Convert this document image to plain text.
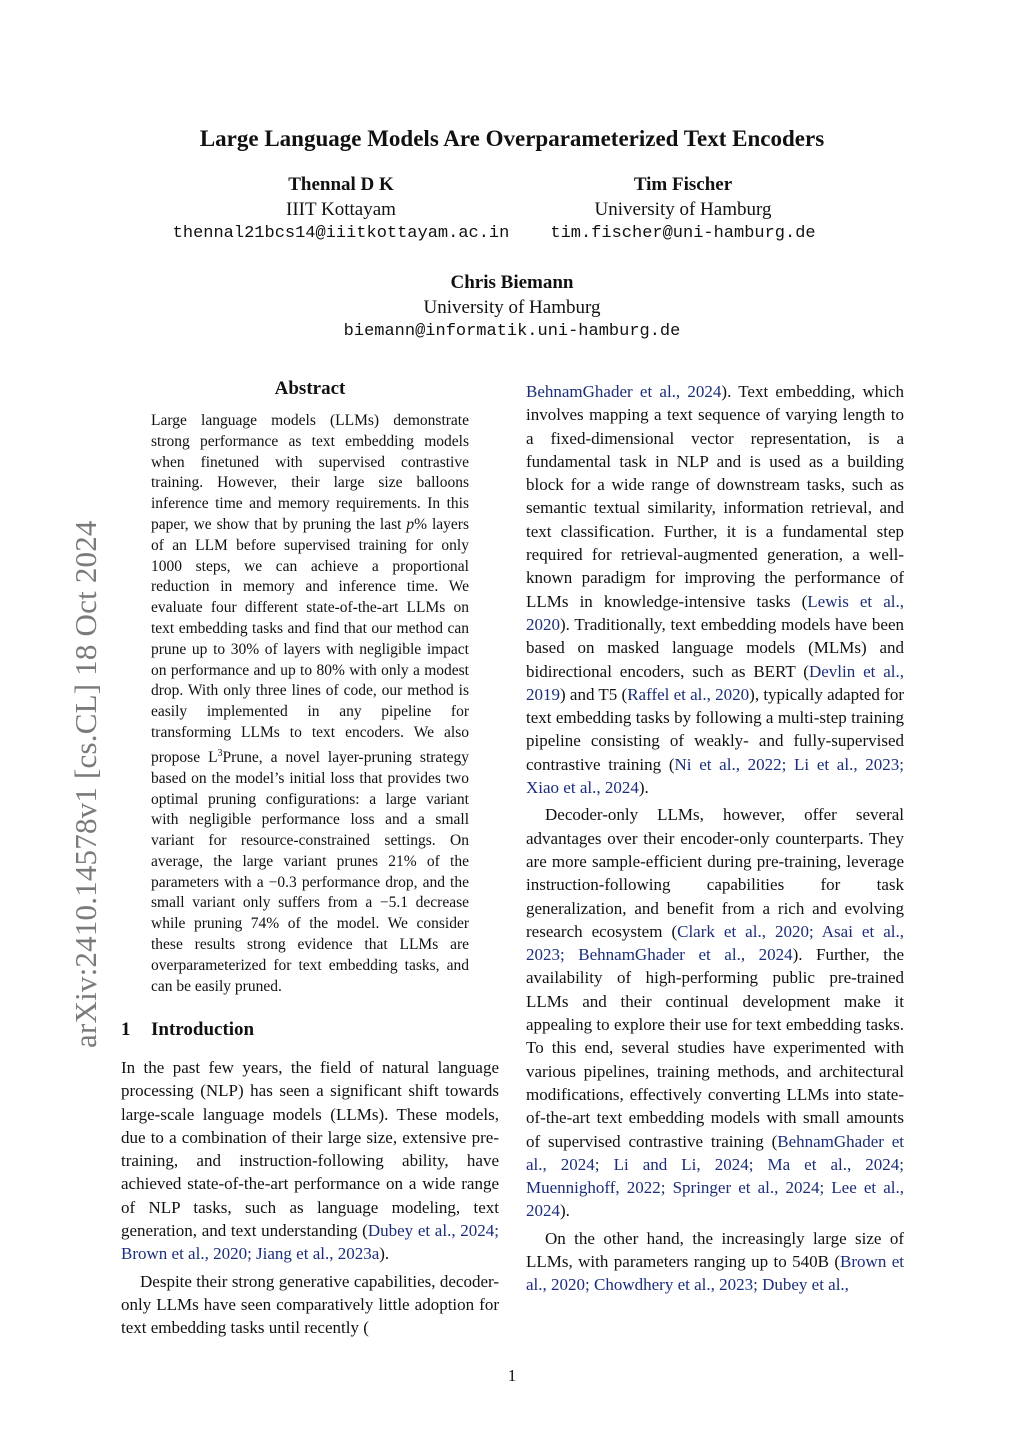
Large Language Models Are Overparameterized Text Encoders
Thennal D K
IIIT Kottayam
thennal21bcs14@iiitkottayam.ac.in
Tim Fischer
University of Hamburg
tim.fischer@uni-hamburg.de
Chris Biemann
University of Hamburg
biemann@informatik.uni-hamburg.de
arXiv:2410.14578v1 [cs.CL] 18 Oct 2024
Abstract
Large language models (LLMs) demonstrate strong performance as text embedding models when finetuned with supervised contrastive training. However, their large size balloons inference time and memory requirements. In this paper, we show that by pruning the last p% layers of an LLM before supervised training for only 1000 steps, we can achieve a proportional reduction in memory and inference time. We evaluate four different state-of-the-art LLMs on text embedding tasks and find that our method can prune up to 30% of layers with negligible impact on performance and up to 80% with only a modest drop. With only three lines of code, our method is easily implemented in any pipeline for transforming LLMs to text encoders. We also propose $L^3Prune$, a novel layer-pruning strategy based on the model’s initial loss that provides two optimal pruning configurations: a large variant with negligible performance loss and a small variant for resource-constrained settings. On average, the large variant prunes 21% of the parameters with a −0.3 performance drop, and the small variant only suffers from a −5.1 decrease while pruning 74% of the model. We consider these results strong evidence that LLMs are overparameterized for text embedding tasks, and can be easily pruned.
1 Introduction

In the past few years, the field of natural language processing (NLP) has seen a significant shift towards large-scale language models (LLMs). These models, due to a combination of their large size, extensive pre-training, and instruction-following ability, have achieved state-of-the-art performance on a wide range of NLP tasks, such as language modeling, text generation, and text understanding (Dubey et al., 2024; Brown et al., 2020; Jiang et al., 2023a).

Despite their strong generative capabilities, decoder-only LLMs have seen comparatively little adoption for text embedding tasks until recently (

BehnamGhader et al., 2024). Text embedding, which involves mapping a text sequence of varying length to a fixed-dimensional vector representation, is a fundamental task in NLP and is used as a building block for a wide range of downstream tasks, such as semantic textual similarity, information retrieval, and text classification. Further, it is a fundamental step required for retrieval-augmented generation, a well-known paradigm for improving the performance of LLMs in knowledge-intensive tasks (Lewis et al., 2020). Traditionally, text embedding models have been based on masked language models (MLMs) and bidirectional encoders, such as BERT (Devlin et al., 2019) and T5 (Raffel et al., 2020), typically adapted for text embedding tasks by following a multi-step training pipeline consisting of weakly- and fully-supervised contrastive training (Ni et al., 2022; Li et al., 2023; Xiao et al., 2024).

Decoder-only LLMs, however, offer several advantages over their encoder-only counterparts. They are more sample-efficient during pre-training, leverage instruction-following capabilities for task generalization, and benefit from a rich and evolving research ecosystem (Clark et al., 2020; Asai et al., 2023; BehnamGhader et al., 2024). Further, the availability of high-performing public pre-trained LLMs and their continual development make it appealing to explore their use for text embedding tasks. To this end, several studies have experimented with various pipelines, training methods, and architectural modifications, effectively converting LLMs into state-of-the-art text embedding models with small amounts of supervised contrastive training (BehnamGhader et al., 2024; Li and Li, 2024; Ma et al., 2024; Muennighoff, 2022; Springer et al., 2024; Lee et al., 2024).

On the other hand, the increasingly large size of LLMs, with parameters ranging up to 540B (Brown et al., 2020; Chowdhery et al., 2023; Dubey et al.,

1
